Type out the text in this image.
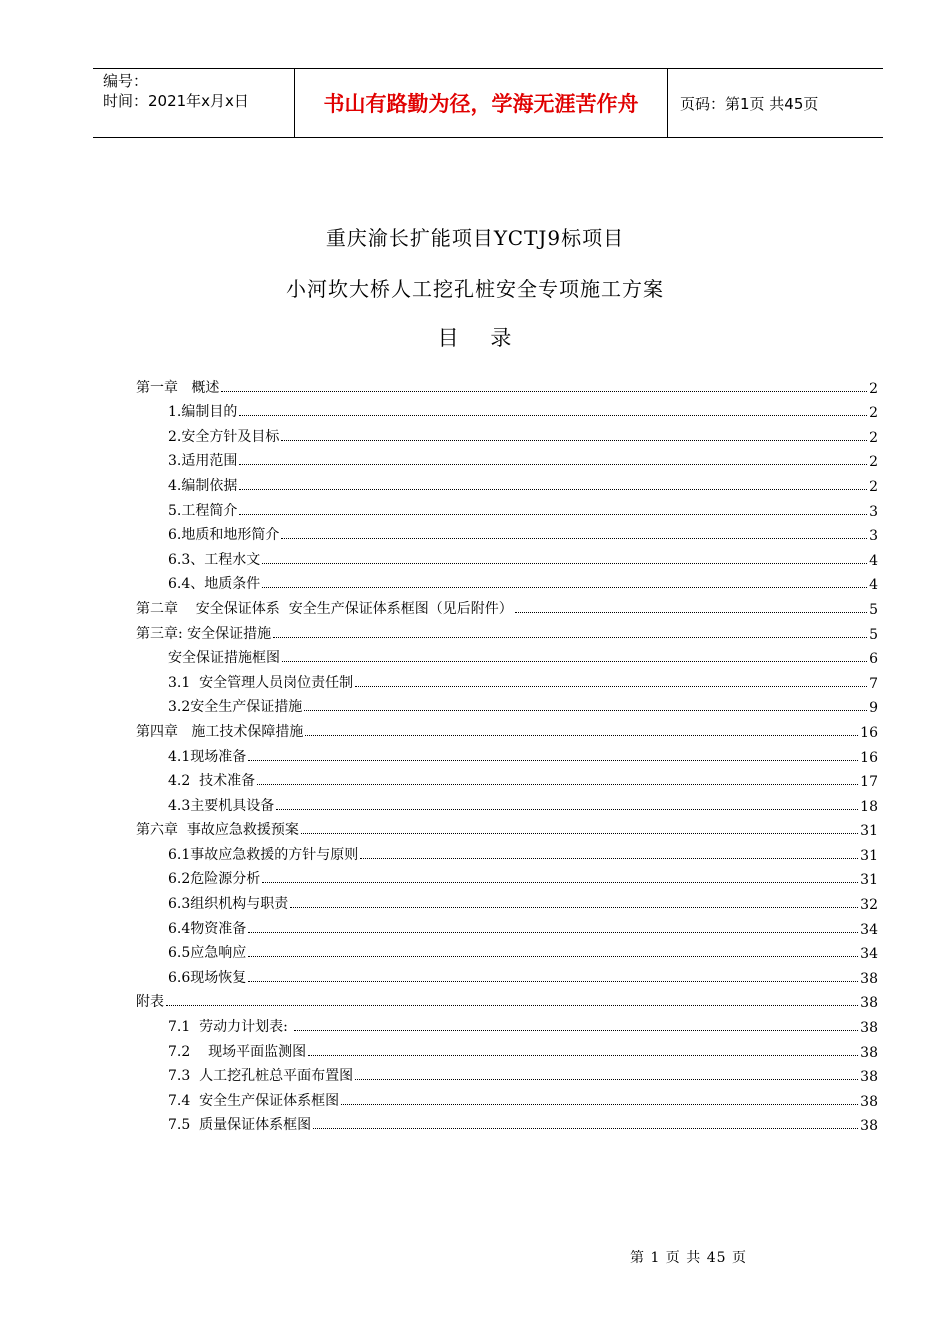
编号：
时间：2021年x月x日	书山有路勤为径，学海无涯苦作舟	页码：第1页 共45页
重庆渝长扩能项目YCTJ9标项目
小河坎大桥人工挖孔桩安全专项施工方案
目    录
第一章   概述	2
1.编制目的	2
2.安全方针及目标	2
3.适用范围	2
4.编制依据	2
5.工程简介	3
6.地质和地形简介	3
6.3、工程水文	4
6.4、地质条件	4
第二章    安全保证体系  安全生产保证体系框图（见后附件）	5
第三章: 安全保证措施	5
安全保证措施框图	6
3.1  安全管理人员岗位责任制	7
3.2安全生产保证措施	9
第四章   施工技术保障措施	16
4.1现场准备	16
4.2  技术准备	17
4.3主要机具设备	18
第六章  事故应急救援预案	31
6.1事故应急救援的方针与原则	31
6.2危险源分析	31
6.3组织机构与职责	32
6.4物资准备	34
6.5应急响应	34
6.6现场恢复	38
附表	38
7.1  劳动力计划表:	38
7.2    现场平面监测图	38
7.3  人工挖孔桩总平面布置图	38
7.4  安全生产保证体系框图	38
7.5  质量保证体系框图	38
第 1 页 共 45 页
